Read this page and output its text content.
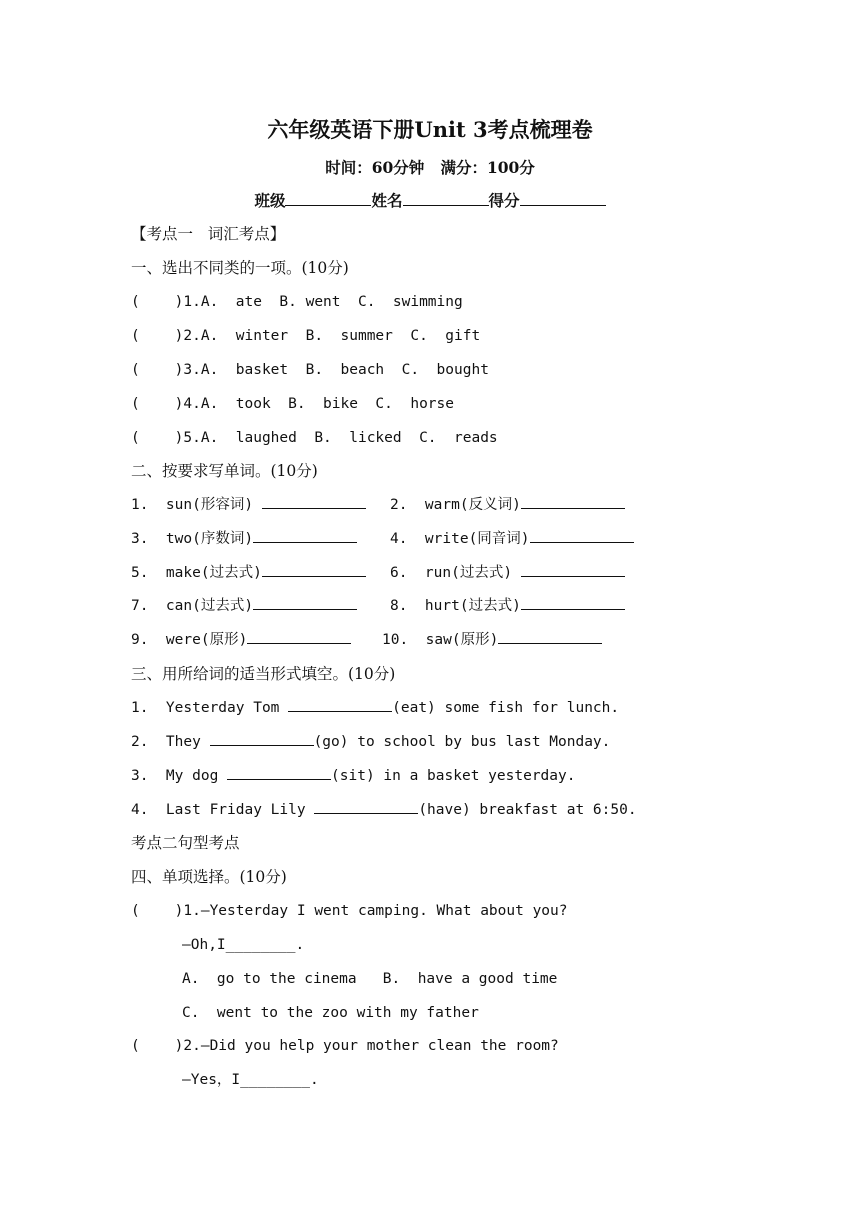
六年级英语下册Unit 3考点梳理卷
时间：60分钟   满分：100分
班级	姓名	得分
【考点一   词汇考点】
一、选出不同类的一项。(10分)
(    )1.A.  ate  B. went  C.  swimming
(    )2.A.  winter  B.  summer  C.  gift
(    )3.A.  basket  B.  beach  C.  bought
(    )4.A.  took  B.  bike  C.  horse
(    )5.A.  laughed  B.  licked  C.  reads
二、按要求写单词。(10分)
1.  sun(形容词)	2.  warm(反义词)
3.  two(序数词)	4.  write(同音词)
5.  make(过去式)	6.  run(过去式)
7.  can(过去式)	8.  hurt(过去式)
9.  were(原形)	10.  saw(原形)
三、用所给词的适当形式填空。(10分)
1.  Yesterday Tom	(eat) some fish for lunch.
2.  They	(go) to school by bus last Monday.
3.  My dog	(sit) in a basket yesterday.
4.  Last Friday Lily	(have) breakfast at 6:50.
考点二句型考点
四、单项选择。(10分)
(    )1.—Yesterday I went camping. What about you?
—Oh,I________.
A.  go to the cinema   B.  have a good time
C.  went to the zoo with my father
(    )2.—Did you help your mother clean the room?
—Yes，I________.
